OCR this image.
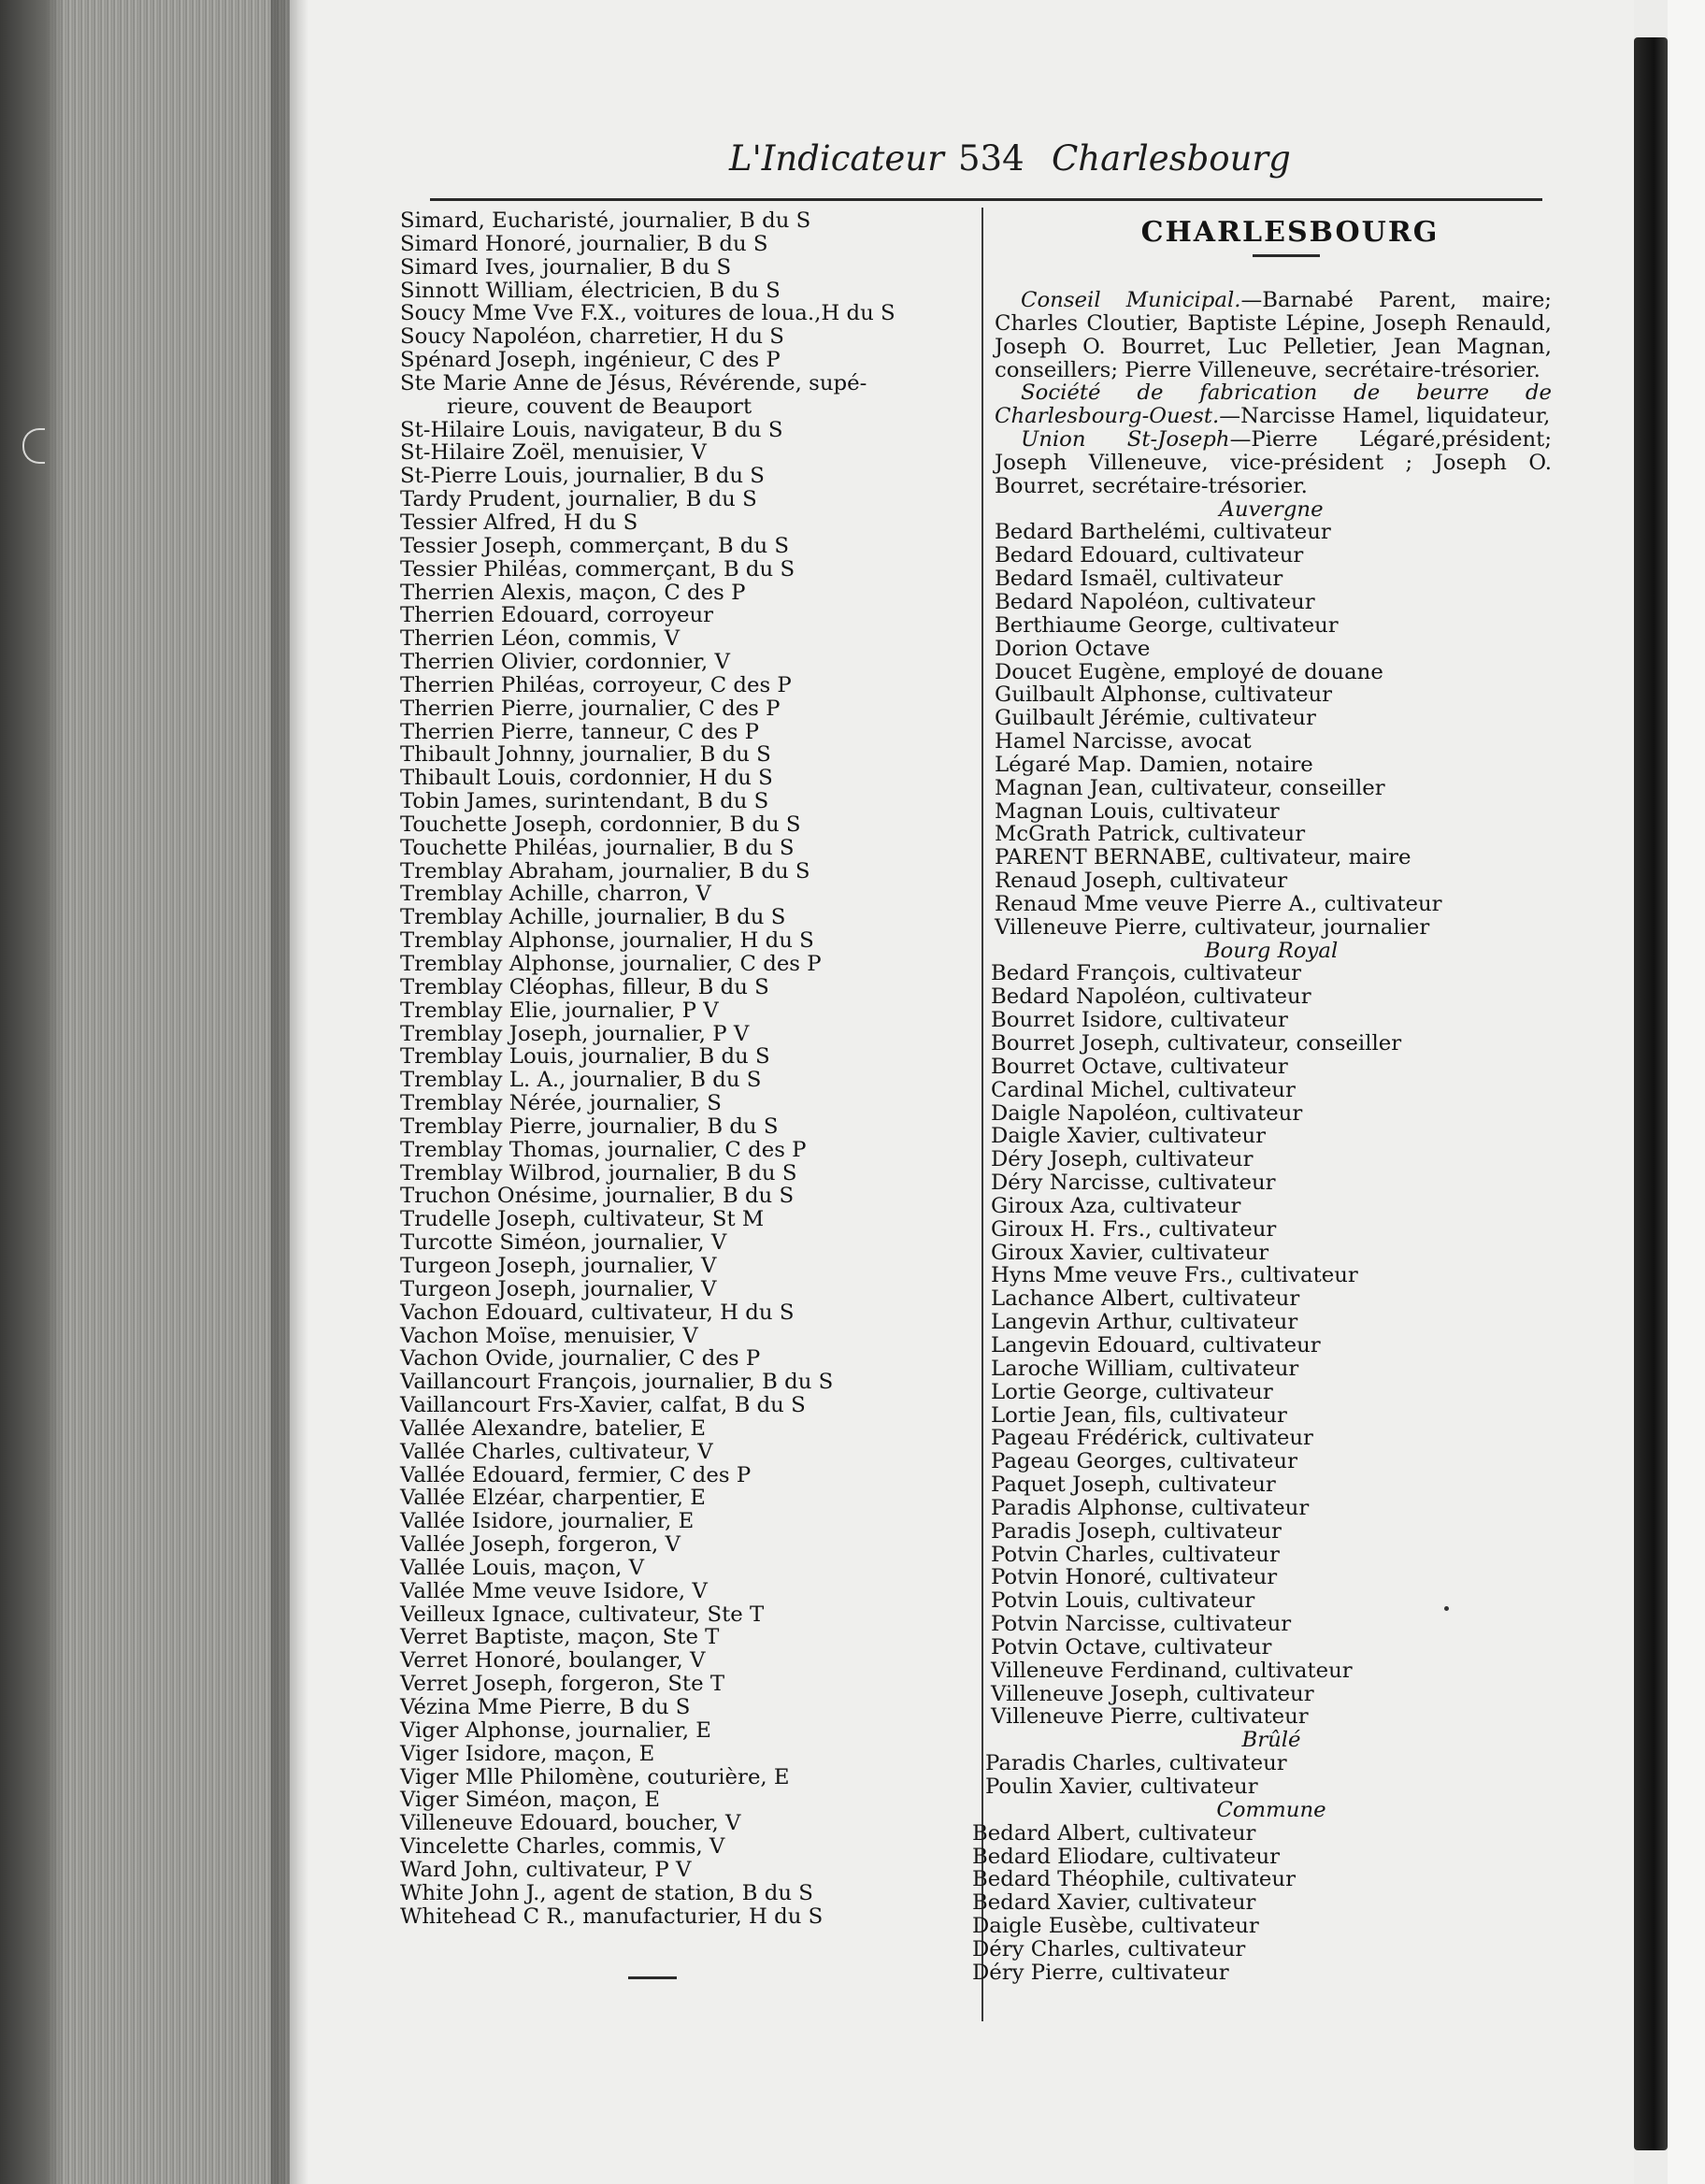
L'Indicateur 534 Charlesbourg
Simard, Eucharisté, journalier, B du S
Simard Honoré, journalier, B du S
Simard Ives, journalier, B du S
Sinnott William, électricien, B du S
Soucy Mme Vve F.X., voitures de loua.,H du S
Soucy Napoléon, charretier, H du S
Spénard Joseph, ingénieur, C des P
Ste Marie Anne de Jésus, Révérende, supé-
rieure, couvent de Beauport
St-Hilaire Louis, navigateur, B du S
St-Hilaire Zoël, menuisier, V
St-Pierre Louis, journalier, B du S
Tardy Prudent, journalier, B du S
Tessier Alfred, H du S
Tessier Joseph, commerçant, B du S
Tessier Philéas, commerçant, B du S
Therrien Alexis, maçon, C des P
Therrien Edouard, corroyeur
Therrien Léon, commis, V
Therrien Olivier, cordonnier, V
Therrien Philéas, corroyeur, C des P
Therrien Pierre, journalier, C des P
Therrien Pierre, tanneur, C des P
Thibault Johnny, journalier, B du S
Thibault Louis, cordonnier, H du S
Tobin James, surintendant, B du S
Touchette Joseph, cordonnier, B du S
Touchette Philéas, journalier, B du S
Tremblay Abraham, journalier, B du S
Tremblay Achille, charron, V
Tremblay Achille, journalier, B du S
Tremblay Alphonse, journalier, H du S
Tremblay Alphonse, journalier, C des P
Tremblay Cléophas, filleur, B du S
Tremblay Elie, journalier, P V
Tremblay Joseph, journalier, P V
Tremblay Louis, journalier, B du S
Tremblay L. A., journalier, B du S
Tremblay Nérée, journalier, S
Tremblay Pierre, journalier, B du S
Tremblay Thomas, journalier, C des P
Tremblay Wilbrod, journalier, B du S
Truchon Onésime, journalier, B du S
Trudelle Joseph, cultivateur, St M
Turcotte Siméon, journalier, V
Turgeon Joseph, journalier, V
Turgeon Joseph, journalier, V
Vachon Edouard, cultivateur, H du S
Vachon Moïse, menuisier, V
Vachon Ovide, journalier, C des P
Vaillancourt François, journalier, B du S
Vaillancourt Frs-Xavier, calfat, B du S
Vallée Alexandre, batelier, E
Vallée Charles, cultivateur, V
Vallée Edouard, fermier, C des P
Vallée Elzéar, charpentier, E
Vallée Isidore, journalier, E
Vallée Joseph, forgeron, V
Vallée Louis, maçon, V
Vallée Mme veuve Isidore, V
Veilleux Ignace, cultivateur, Ste T
Verret Baptiste, maçon, Ste T
Verret Honoré, boulanger, V
Verret Joseph, forgeron, Ste T
Vézina Mme Pierre, B du S
Viger Alphonse, journalier, E
Viger Isidore, maçon, E
Viger Mlle Philomène, couturière, E
Viger Siméon, maçon, E
Villeneuve Edouard, boucher, V
Vincelette Charles, commis, V
Ward John, cultivateur, P V
White John J., agent de station, B du S
Whitehead C R., manufacturier, H du S
CHARLESBOURG

Conseil Municipal.—Barnabé Parent, maire; Charles Cloutier, Baptiste Lépine, Joseph Renauld, Joseph O. Bourret, Luc Pelletier, Jean Magnan, conseillers; Pierre Villeneuve, secrétaire-trésorier.

Société de fabrication de beurre de Charlesbourg-Ouest.—Narcisse Hamel, liquidateur,

Union St-Joseph—Pierre Légaré,président; Joseph Villeneuve, vice-président ; Joseph O. Bourret, secrétaire-trésorier.

Auvergne
Bedard Barthelémi, cultivateur
Bedard Edouard, cultivateur
Bedard Ismaël, cultivateur
Bedard Napoléon, cultivateur
Berthiaume George, cultivateur
Dorion Octave
Doucet Eugène, employé de douane
Guilbault Alphonse, cultivateur
Guilbault Jérémie, cultivateur
Hamel Narcisse, avocat
Légaré Map. Damien, notaire
Magnan Jean, cultivateur, conseiller
Magnan Louis, cultivateur
McGrath Patrick, cultivateur
PARENT BERNABE, cultivateur, maire
Renaud Joseph, cultivateur
Renaud Mme veuve Pierre A., cultivateur
Villeneuve Pierre, cultivateur, journalier
Bourg Royal
Bedard François, cultivateur
Bedard Napoléon, cultivateur
Bourret Isidore, cultivateur
Bourret Joseph, cultivateur, conseiller
Bourret Octave, cultivateur
Cardinal Michel, cultivateur
Daigle Napoléon, cultivateur
Daigle Xavier, cultivateur
Déry Joseph, cultivateur
Déry Narcisse, cultivateur
Giroux Aza, cultivateur
Giroux H. Frs., cultivateur
Giroux Xavier, cultivateur
Hyns Mme veuve Frs., cultivateur
Lachance Albert, cultivateur
Langevin Arthur, cultivateur
Langevin Edouard, cultivateur
Laroche William, cultivateur
Lortie George, cultivateur
Lortie Jean, fils, cultivateur
Pageau Frédérick, cultivateur
Pageau Georges, cultivateur
Paquet Joseph, cultivateur
Paradis Alphonse, cultivateur
Paradis Joseph, cultivateur
Potvin Charles, cultivateur
Potvin Honoré, cultivateur
Potvin Louis, cultivateur
Potvin Narcisse, cultivateur
Potvin Octave, cultivateur
Villeneuve Ferdinand, cultivateur
Villeneuve Joseph, cultivateur
Villeneuve Pierre, cultivateur
Brûlé
Paradis Charles, cultivateur
Poulin Xavier, cultivateur
Commune
Bedard Albert, cultivateur
Bedard Eliodare, cultivateur
Bedard Théophile, cultivateur
Bedard Xavier, cultivateur
Daigle Eusèbe, cultivateur
Déry Charles, cultivateur
Déry Pierre, cultivateur
